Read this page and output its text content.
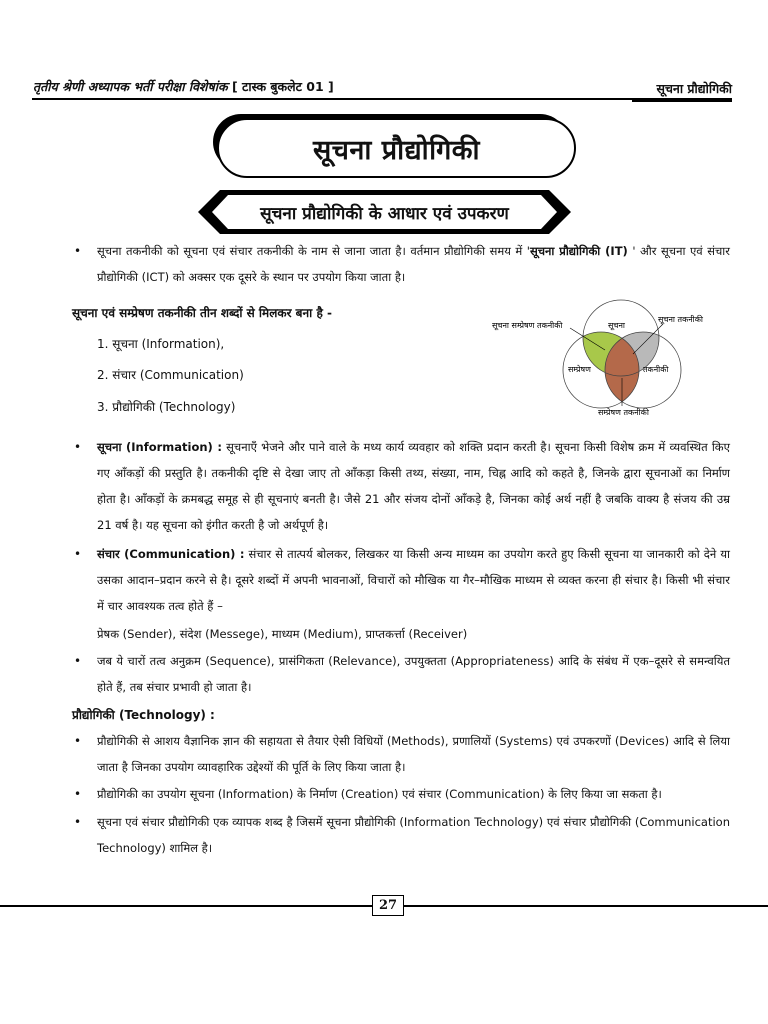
तृतीय श्रेणी अध्यापक भर्ती परीक्षा विशेषांक [ टास्क बुकलेट 01 ]	सूचना प्रौद्योगिकी
सूचना प्रौद्योगिकी
सूचना प्रौद्योगिकी के आधार एवं उपकरण
• सूचना तकनीकी को सूचना एवं संचार तकनीकी के नाम से जाना जाता है। वर्तमान प्रौद्योगिकी समय में 'सूचना प्रौद्योगिकी (IT) ' और सूचना एवं संचार प्रौद्योगिकी (ICT) को अक्सर एक दूसरे के स्थान पर उपयोग किया जाता है।
सूचना एवं सम्प्रेषण तकनीकी तीन शब्दों से मिलकर बना है -
1. सूचना (Information),
2. संचार (Communication)
3. प्रौद्योगिकी (Technology)
सूचना
सम्प्रेषण	तकनीकी
सूचना सम्प्रेषण तकनीकी
सूचना तकनीकी
सम्प्रेषण तकनीकी
• सूचना (Information) : सूचनाएँ भेजने और पाने वाले के मध्य कार्य व्यवहार को शक्ति प्रदान करती है। सूचना किसी विशेष क्रम में व्यवस्थित किए गए आँकड़ों की प्रस्तुति है। तकनीकी दृष्टि से देखा जाए तो आँकड़ा किसी तथ्य, संख्या, नाम, चिह्न आदि को कहते है, जिनके द्वारा सूचनाओं का निर्माण होता है। आँकड़ों के क्रमबद्ध समूह से ही सूचनाएं बनती है। जैसे 21 और संजय दोनों आँकड़े है, जिनका कोई अर्थ नहीं है जबकि वाक्य है संजय की उम्र 21 वर्ष है। यह सूचना को इंगीत करती है जो अर्थपूर्ण है।
• संचार (Communication) : संचार से तात्पर्य बोलकर, लिखकर या किसी अन्य माध्यम का उपयोग करते हुए किसी सूचना या जानकारी को देने या उसका आदान–प्रदान करने से है। दूसरे शब्दों में अपनी भावनाओं, विचारों को मौखिक या गैर–मौखिक माध्यम से व्यक्त करना ही संचार है। किसी भी संचार में चार आवश्यक तत्व होते हैं –
प्रेषक (Sender), संदेश (Messege), माध्यम (Medium), प्राप्तकर्त्ता (Receiver)
• जब ये चारों तत्व अनुक्रम (Sequence), प्रासंगिकता (Relevance), उपयुक्तता (Appropriateness) आदि के संबंध में एक–दूसरे से समन्वयित होते हैं, तब संचार प्रभावी हो जाता है।
प्रौद्योगिकी (Technology) :
• प्रौद्योगिकी से आशय वैज्ञानिक ज्ञान की सहायता से तैयार ऐसी विधियों (Methods), प्रणालियों (Systems) एवं उपकरणों (Devices) आदि से लिया जाता है जिनका उपयोग व्यावहारिक उद्देश्यों की पूर्ति के लिए किया जाता है।
• प्रौद्योगिकी का उपयोग सूचना (Information) के निर्माण (Creation) एवं संचार (Communication) के लिए किया जा सकता है।
• सूचना एवं संचार प्रौद्योगिकी एक व्यापक शब्द है जिसमें सूचना प्रौद्योगिकी (Information Technology) एवं संचार प्रौद्योगिकी (Communication Technology) शामिल है।
27
